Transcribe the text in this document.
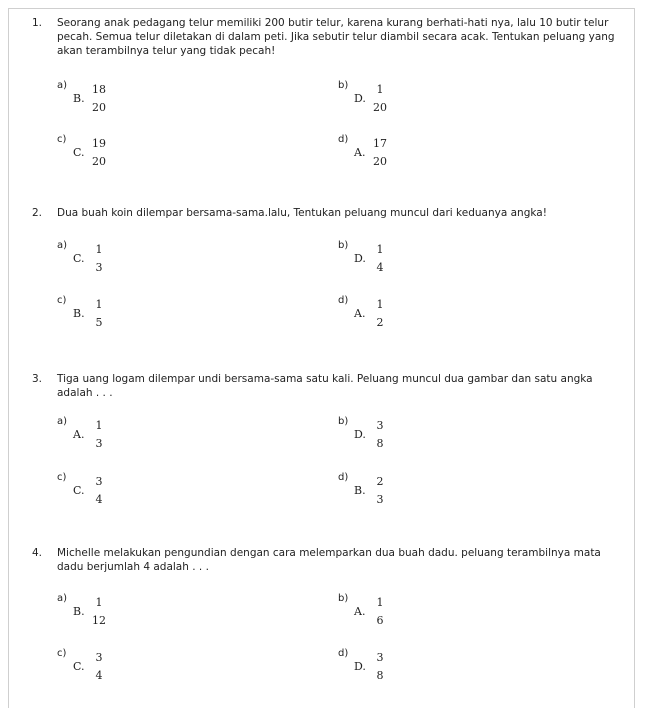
1. Seorang anak pedagang telur memiliki 200 butir telur, karena kurang berhati-hati nya, lalu 10 butir telur pecah. Semua telur diletakan di dalam peti. Jika sebutir telur diambil secara acak. Tentukan peluang yang akan terambilnya telur yang tidak pecah!
a)
B.
18
20
b)
D.
1
20
c)
C.
19
20
d)
A.
17
20
2. Dua buah koin dilempar bersama-sama.lalu, Tentukan peluang muncul dari keduanya angka!
a)
C.
1
3
b)
D.
1
4
c)
B.
1
5
d)
A.
1
2
3. Tiga uang logam dilempar undi bersama-sama satu kali. Peluang muncul dua gambar dan satu angka adalah . . .
a)
A.
1
3
b)
D.
3
8
c)
C.
3
4
d)
B.
2
3
4. Michelle melakukan pengundian dengan cara melemparkan dua buah dadu. peluang terambilnya mata dadu berjumlah 4 adalah . . .
a)
B.
1
12
b)
A.
1
6
c)
C.
3
4
d)
D.
3
8
